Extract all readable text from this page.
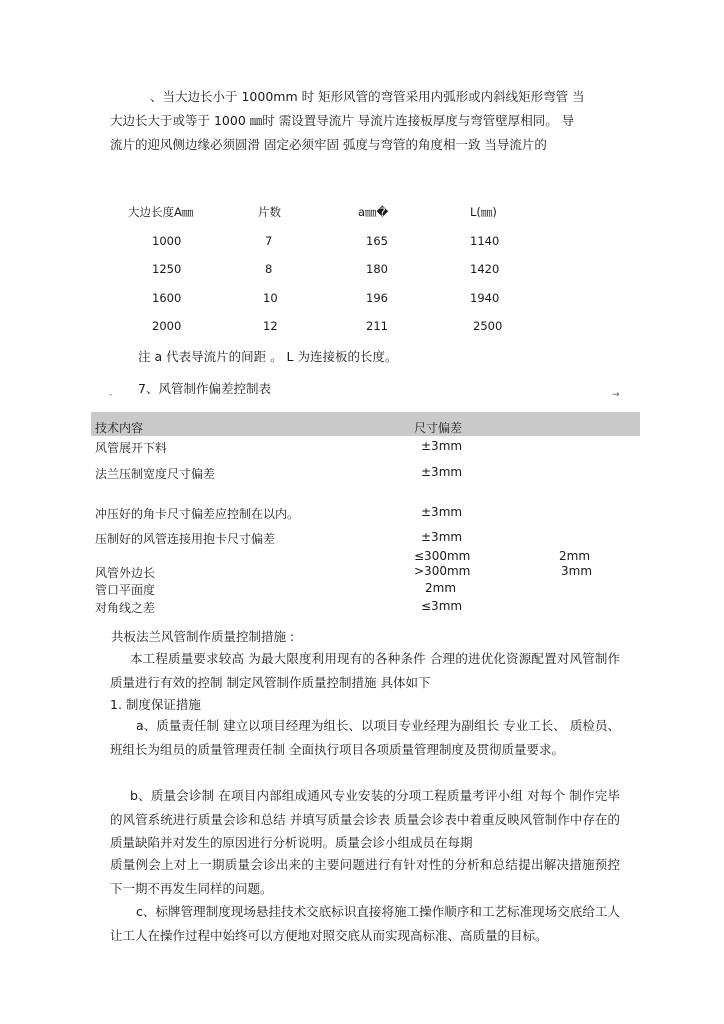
、当大边长小于 1000mm 时 矩形风管的弯管采用内弧形或内斜线矩形弯管 当
大边长大于或等于 1000 ㎜时 需设置导流片 导流片连接板厚度与弯管壁厚相同。 导
流片的迎风侧边缘必须圆滑 固定必须牢固 弧度与弯管的角度相一致 当导流片的
大边长度A㎜	片数	a㎜�	L(㎜)
1000	7	165	1140
1250	8	180	1420
1600	10	196	1940
2000	12	211	2500
注 a 代表导流片的间距 。 L 为连接板的长度。
7、风管制作偏差控制表
-	→
技术内容	尺寸偏差
风管展开下料	±3mm
法兰压制宽度尺寸偏差	±3mm
冲压好的角卡尺寸偏差应控制在以内。	±3mm
压制好的风管连接用抱卡尺寸偏差	±3mm
≤300mm	2mm
风管外边长	>300mm	3mm
管口平面度	2mm
对角线之差	≤3mm
共板法兰风管制作质量控制措施 :
本工程质量要求较高 为最大限度利用现有的各种条件 合理的进优化资源配置对风管制作质量进行有效的控制 制定风管制作质量控制措施 具体如下
1. 制度保证措施
a、质量责任制 建立以项目经理为组长、以项目专业经理为副组长 专业工长、 质检员、班组长为组员的质量管理责任制 全面执行项目各项质量管理制度及贯彻质量要求。
b、质量会诊制 在项目内部组成通风专业安装的分项工程质量考评小组 对每个 制作完毕的风管系统进行质量会诊和总结 并填写质量会诊表 质量会诊表中着重反映风管制作中存在的质量缺陷并对发生的原因进行分析说明。质量会诊小组成员在每期
质量例会上对上一期质量会诊出来的主要问题进行有针对性的分析和总结提出解决措施预控下一期不再发生同样的问题。
c、标牌管理制度现场悬挂技术交底标识直接将施工操作顺序和工艺标准现场交底给工人让工人在操作过程中始终可以方便地对照交底从而实现高标准、高质量的目标。
